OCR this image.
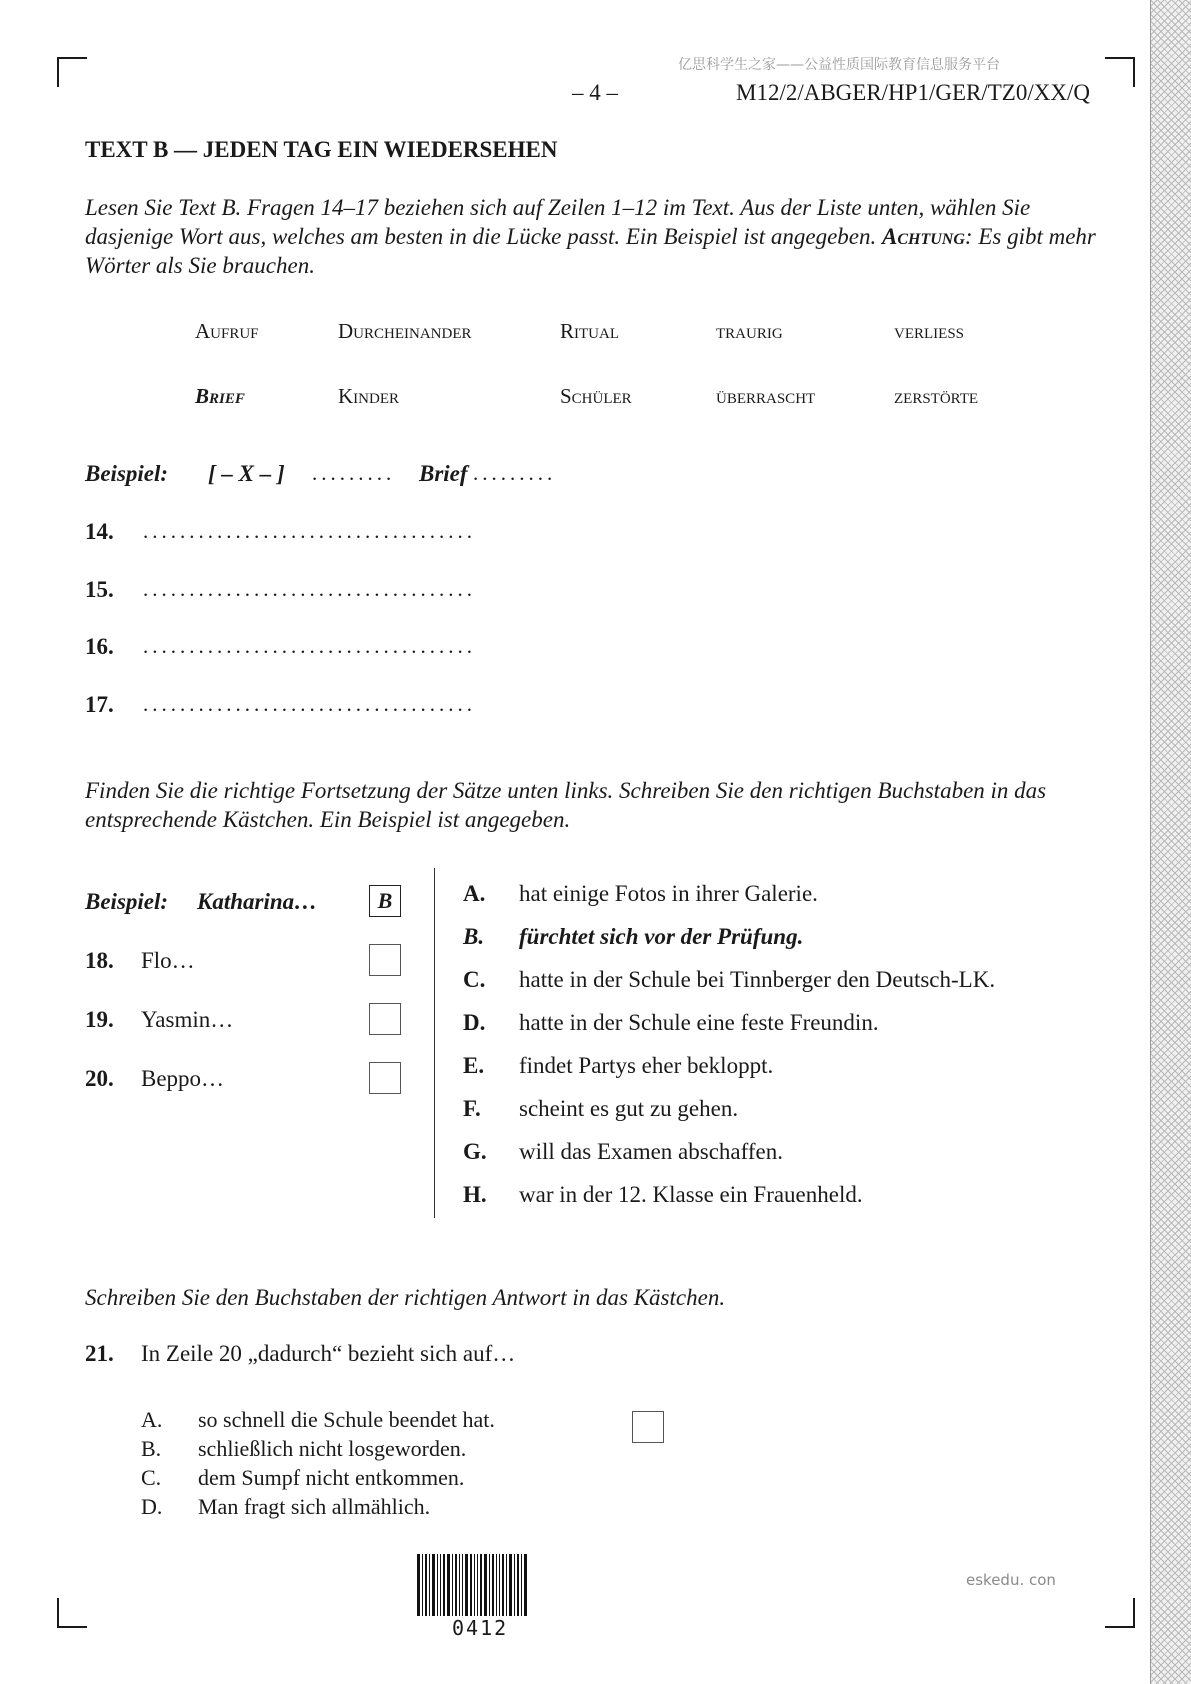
亿思科学生之家——公益性质国际教育信息服务平台
– 4 –	M12/2/ABGER/HP1/GER/TZ0/XX/Q
TEXT B — JEDEN TAG EIN WIEDERSEHEN
Lesen Sie Text B. Fragen 14–17 beziehen sich auf Zeilen 1–12 im Text. Aus der Liste unten, wählen Sie dasjenige Wort aus, welches am besten in die Lücke passt. Ein Beispiel ist angegeben. Achtung: Es gibt mehr Wörter als Sie brauchen.
Aufruf	Durcheinander	Ritual	traurig	verliess
Brief	Kinder	Schüler	überrascht	zerstörte
Beispiel: [ – X – ] ......... Brief .........
14. ....................................
15. ....................................
16. ....................................
17. ....................................
Finden Sie die richtige Fortsetzung der Sätze unten links. Schreiben Sie den richtigen Buchstaben in das entsprechende Kästchen. Ein Beispiel ist angegeben.
Beispiel: Katharina…	B
18. Flo…
19. Yasmin…
20. Beppo…
A. hat einige Fotos in ihrer Galerie.
B. fürchtet sich vor der Prüfung.
C. hatte in der Schule bei Tinnberger den Deutsch-LK.
D. hatte in der Schule eine feste Freundin.
E. findet Partys eher bekloppt.
F. scheint es gut zu gehen.
G. will das Examen abschaffen.
H. war in der 12. Klasse ein Frauenheld.
Schreiben Sie den Buchstaben der richtigen Antwort in das Kästchen.
21. In Zeile 20 „dadurch“ bezieht sich auf…
A. so schnell die Schule beendet hat.
B. schließlich nicht losgeworden.
C. dem Sumpf nicht entkommen.
D. Man fragt sich allmählich.
0412
eskedu. con
